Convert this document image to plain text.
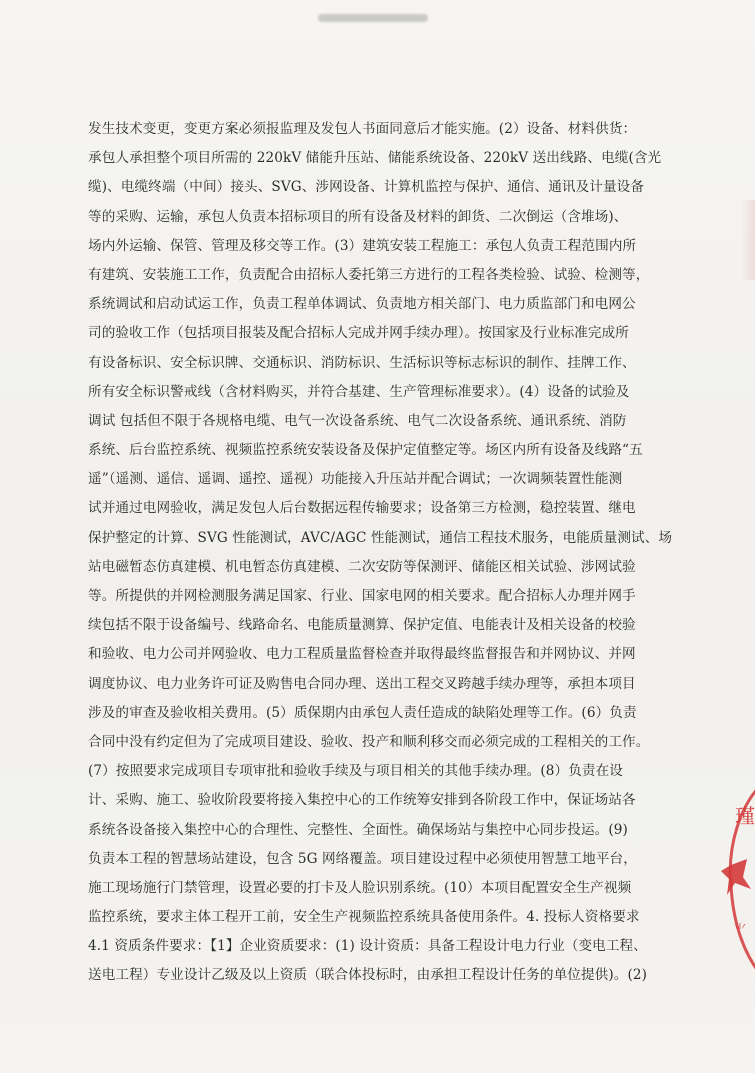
发生技术变更，变更方案必须报监理及发包人书面同意后才能实施。(2）设备、材料供货：
承包人承担整个项目所需的 220kV 储能升压站、储能系统设备、220kV 送出线路、电缆(含光
缆)、电缆终端（中间）接头、SVG、涉网设备、计算机监控与保护、通信、通讯及计量设备
等的采购、运输，承包人负责本招标项目的所有设备及材料的卸货、二次倒运（含堆场)、
场内外运输、保管、管理及移交等工作。(3）建筑安装工程施工：承包人负责工程范围内所
有建筑、安装施工工作，负责配合由招标人委托第三方进行的工程各类检验、试验、检测等，
系统调试和启动试运工作，负责工程单体调试、负责地方相关部门、电力质监部门和电网公
司的验收工作（包括项目报装及配合招标人完成并网手续办理）。按国家及行业标准完成所
有设备标识、安全标识牌、交通标识、消防标识、生活标识等标志标识的制作、挂牌工作、
所有安全标识警戒线（含材料购买，并符合基建、生产管理标准要求）。(4）设备的试验及
调试 包括但不限于各规格电缆、电气一次设备系统、电气二次设备系统、通讯系统、消防
系统、后台监控系统、视频监控系统安装设备及保护定值整定等。场区内所有设备及线路“五
遥”（遥测、遥信、遥调、遥控、遥视）功能接入升压站并配合调试；一次调频装置性能测
试并通过电网验收，满足发包人后台数据远程传输要求；设备第三方检测，稳控装置、继电
保护整定的计算、SVG 性能测试，AVC/AGC 性能测试，通信工程技术服务，电能质量测试、场
站电磁暂态仿真建模、机电暂态仿真建模、二次安防等保测评、储能区相关试验、涉网试验
等。所提供的并网检测服务满足国家、行业、国家电网的相关要求。配合招标人办理并网手
续包括不限于设备编号、线路命名、电能质量测算、保护定值、电能表计及相关设备的校验
和验收、电力公司并网验收、电力工程质量监督检查并取得最终监督报告和并网协议、并网
调度协议、电力业务许可证及购售电合同办理、送出工程交叉跨越手续办理等，承担本项目
涉及的审查及验收相关费用。(5）质保期内由承包人责任造成的缺陷处理等工作。(6）负责
合同中没有约定但为了完成项目建设、验收、投产和顺利移交而必须完成的工程相关的工作。
(7）按照要求完成项目专项审批和验收手续及与项目相关的其他手续办理。(8）负责在设
计、采购、施工、验收阶段要将接入集控中心的工作统筹安排到各阶段工作中，保证场站各
系统各设备接入集控中心的合理性、完整性、全面性。确保场站与集控中心同步投运。(9)
负责本工程的智慧场站建设，包含 5G 网络覆盖。项目建设过程中必须使用智慧工地平台，
施工现场施行门禁管理，设置必要的打卡及人脸识别系统。(10）本项目配置安全生产视频
监控系统，要求主体工程开工前，安全生产视频监控系统具备使用条件。4. 投标人资格要求
4.1 资质条件要求：【1】企业资质要求：(1) 设计资质：具备工程设计电力行业（变电工程、
送电工程）专业设计乙级及以上资质（联合体投标时，由承担工程设计任务的单位提供)。(2)
瑾
⺌
